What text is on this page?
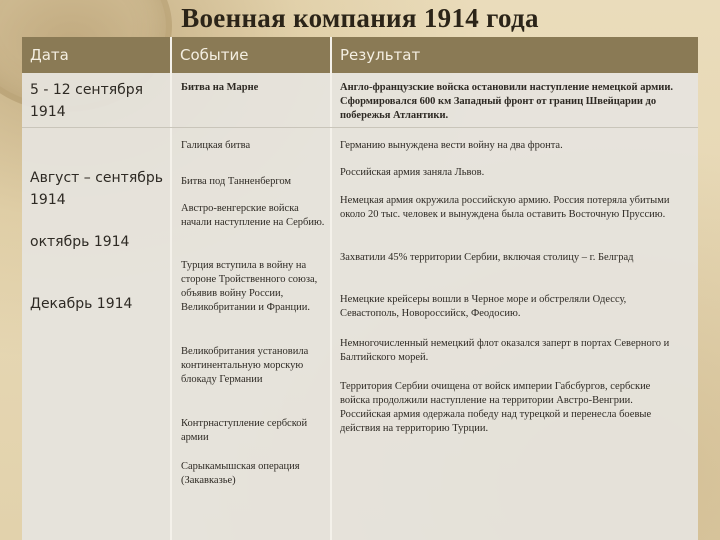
Военная компания 1914 года
Дата	Событие	Результат
5 - 12 сентября 1914
Август – сентябрь 1914
октябрь 1914
Декабрь 1914
Битва на Марне
Галицкая битва
Битва под Танненбергом
Австро-венгерские войска начали наступление на Сербию.
Турция вступила в войну на стороне Тройственного союза, объявив войну России, Великобритании и Франции.
Великобритания установила континентальную морскую блокаду Германии
Контрнаступление сербской армии
Сарыкамышская операция (Закавказье)
Англо-французские войска остановили наступление немецкой армии. Сформировался 600 км Западный фронт от границ Швейцарии до побережья Атлантики.
Германию вынуждена вести войну на два фронта.
Российская армия заняла Львов.
Немецкая армия окружила российскую армию. Россия потеряла убитыми около 20 тыс. человек и вынуждена была оставить Восточную Пруссию.
Захватили 45% территории Сербии, включая столицу – г. Белград
Немецкие крейсеры вошли в Черное море и обстреляли Одессу, Севастополь, Новороссийск, Феодосию.
Немногочисленный немецкий флот оказался заперт в портах Северного и Балтийского морей.
Территория Сербии очищена от войск империи Габсбургов, сербские войска продолжили наступление на территории Австро-Венгрии. Российская армия одержала победу над турецкой и перенесла боевые действия на территорию Турции.
